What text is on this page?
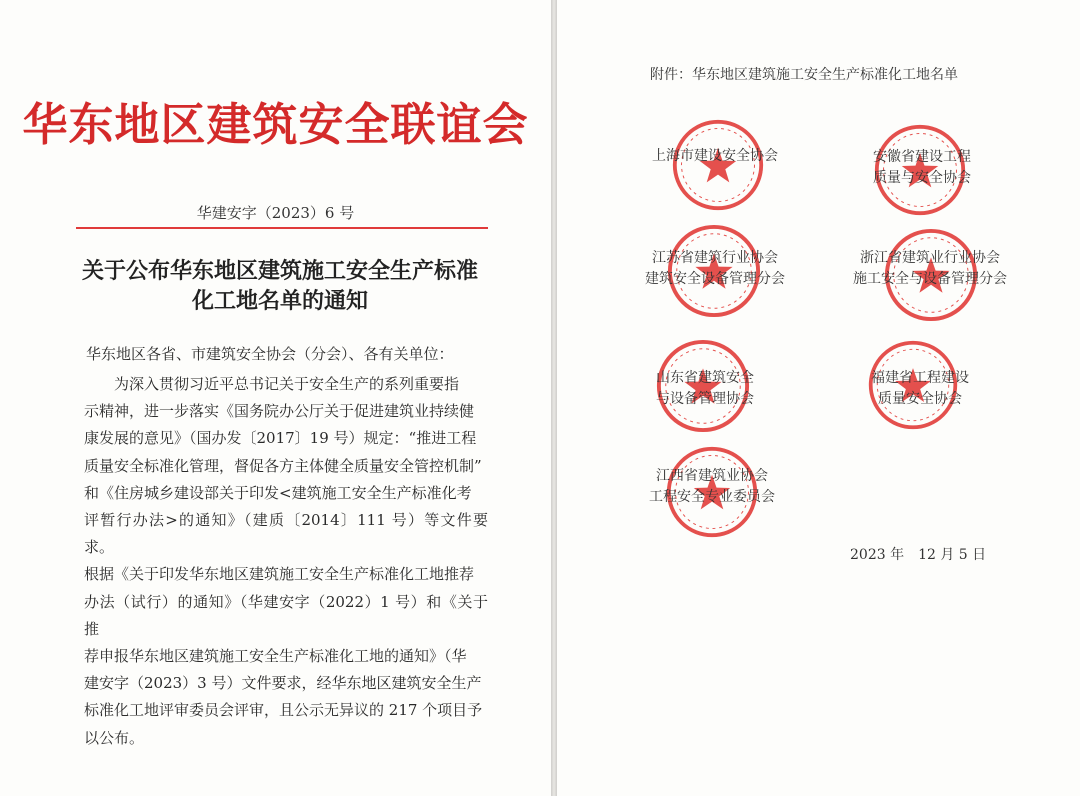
华东地区建筑安全联谊会
华建安字（2023）6 号
关于公布华东地区建筑施工安全生产标准
化工地名单的通知
华东地区各省、市建筑安全协会（分会）、各有关单位：
　　为深入贯彻习近平总书记关于安全生产的系列重要指
示精神，进一步落实《国务院办公厅关于促进建筑业持续健
康发展的意见》（国办发〔2017〕19 号）规定：“推进工程
质量安全标准化管理，督促各方主体健全质量安全管控机制”
和《住房城乡建设部关于印发<建筑施工安全生产标准化考
评暂行办法>的通知》（建质〔2014〕111 号）等文件要求。
根据《关于印发华东地区建筑施工安全生产标准化工地推荐
办法（试行）的通知》（华建安字（2022）1 号）和《关于推
荐申报华东地区建筑施工安全生产标准化工地的通知》（华
建安字（2023）3 号）文件要求，经华东地区建筑安全生产
标准化工地评审委员会评审，且公示无异议的 217 个项目予
以公布。
附件：华东地区建筑施工安全生产标准化工地名单
上海市建设安全协会	安徽省建设工程
质量与安全协会
江苏省建筑行业协会
建筑安全设备管理分会
浙江省建筑业行业协会
施工安全与设备管理分会
山东省建筑安全
与设备管理协会
福建省工程建设
质量安全协会
江西省建筑业协会
工程安全专业委员会
2023 年　12 月 5 日
